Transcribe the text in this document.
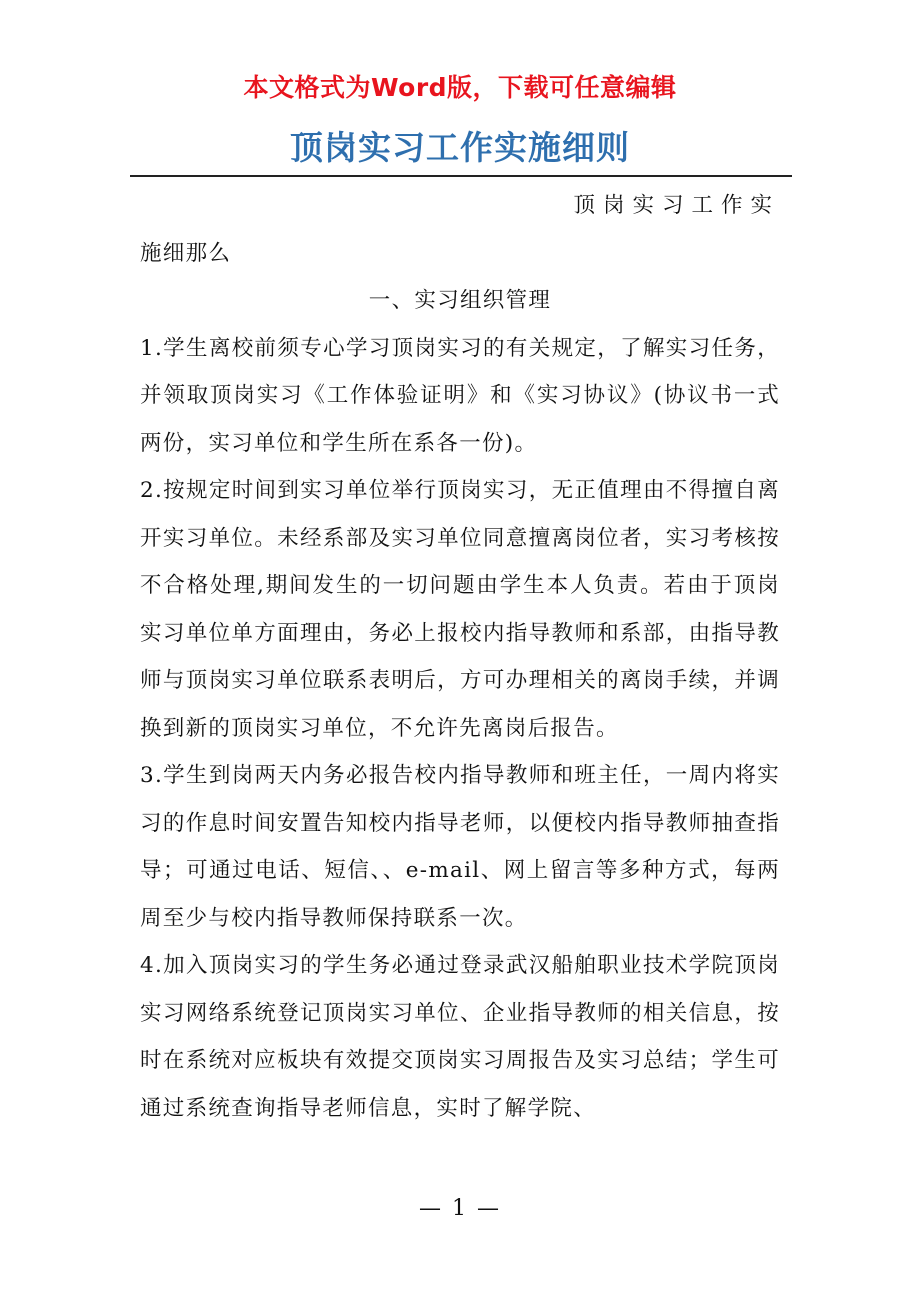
本文格式为Word版，下载可任意编辑
顶岗实习工作实施细则

顶岗实习工作实

施细那么

一、实习组织管理

1.学生离校前须专心学习顶岗实习的有关规定，了解实习任务，并领取顶岗实习《工作体验证明》和《实习协议》(协议书一式两份，实习单位和学生所在系各一份)。

2.按规定时间到实习单位举行顶岗实习，无正值理由不得擅自离开实习单位。未经系部及实习单位同意擅离岗位者，实习考核按不合格处理,期间发生的一切问题由学生本人负责。若由于顶岗实习单位单方面理由，务必上报校内指导教师和系部，由指导教师与顶岗实习单位联系表明后，方可办理相关的离岗手续，并调换到新的顶岗实习单位，不允许先离岗后报告。

3.学生到岗两天内务必报告校内指导教师和班主任，一周内将实习的作息时间安置告知校内指导老师，以便校内指导教师抽查指导；可通过电话、短信、、e-mail、网上留言等多种方式，每两周至少与校内指导教师保持联系一次。

4.加入顶岗实习的学生务必通过登录武汉船舶职业技术学院顶岗实习网络系统登记顶岗实习单位、企业指导教师的相关信息，按时在系统对应板块有效提交顶岗实习周报告及实习总结；学生可通过系统查询指导老师信息，实时了解学院、

— 1 —
